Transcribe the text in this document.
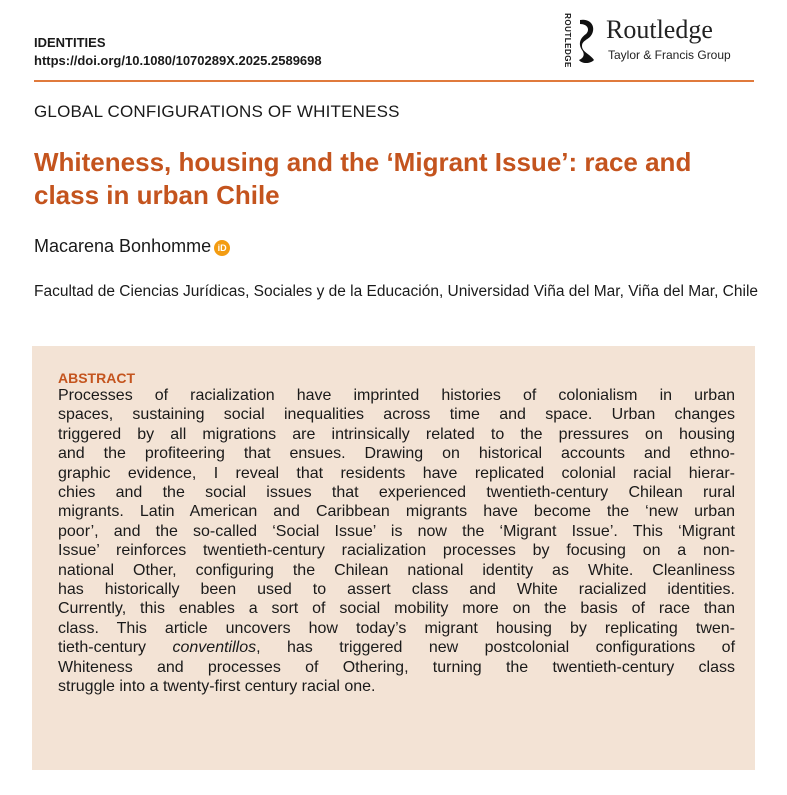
IDENTITIES
https://doi.org/10.1080/1070289X.2025.2589698	ROUTLEDGE Routledge
Taylor & Francis Group
GLOBAL CONFIGURATIONS OF WHITENESS
Whiteness, housing and the ‘Migrant Issue’: race and class in urban Chile
Macarena Bonhomme iD
Facultad de Ciencias Jurídicas, Sociales y de la Educación, Universidad Viña del Mar, Viña del Mar, Chile
ABSTRACT
Processes of racialization have imprinted histories of colonialism in urban
spaces, sustaining social inequalities across time and space. Urban changes
triggered by all migrations are intrinsically related to the pressures on housing
and the profiteering that ensues. Drawing on historical accounts and ethno-
graphic evidence, I reveal that residents have replicated colonial racial hierar-
chies and the social issues that experienced twentieth-century Chilean rural
migrants. Latin American and Caribbean migrants have become the ‘new urban
poor’, and the so-called ‘Social Issue’ is now the ‘Migrant Issue’. This ‘Migrant
Issue’ reinforces twentieth-century racialization processes by focusing on a non-
national Other, configuring the Chilean national identity as White. Cleanliness
has historically been used to assert class and White racialized identities.
Currently, this enables a sort of social mobility more on the basis of race than
class. This article uncovers how today’s migrant housing by replicating twen-
tieth-century conventillos, has triggered new postcolonial configurations of
Whiteness and processes of Othering, turning the twentieth-century class
struggle into a twenty-first century racial one.
